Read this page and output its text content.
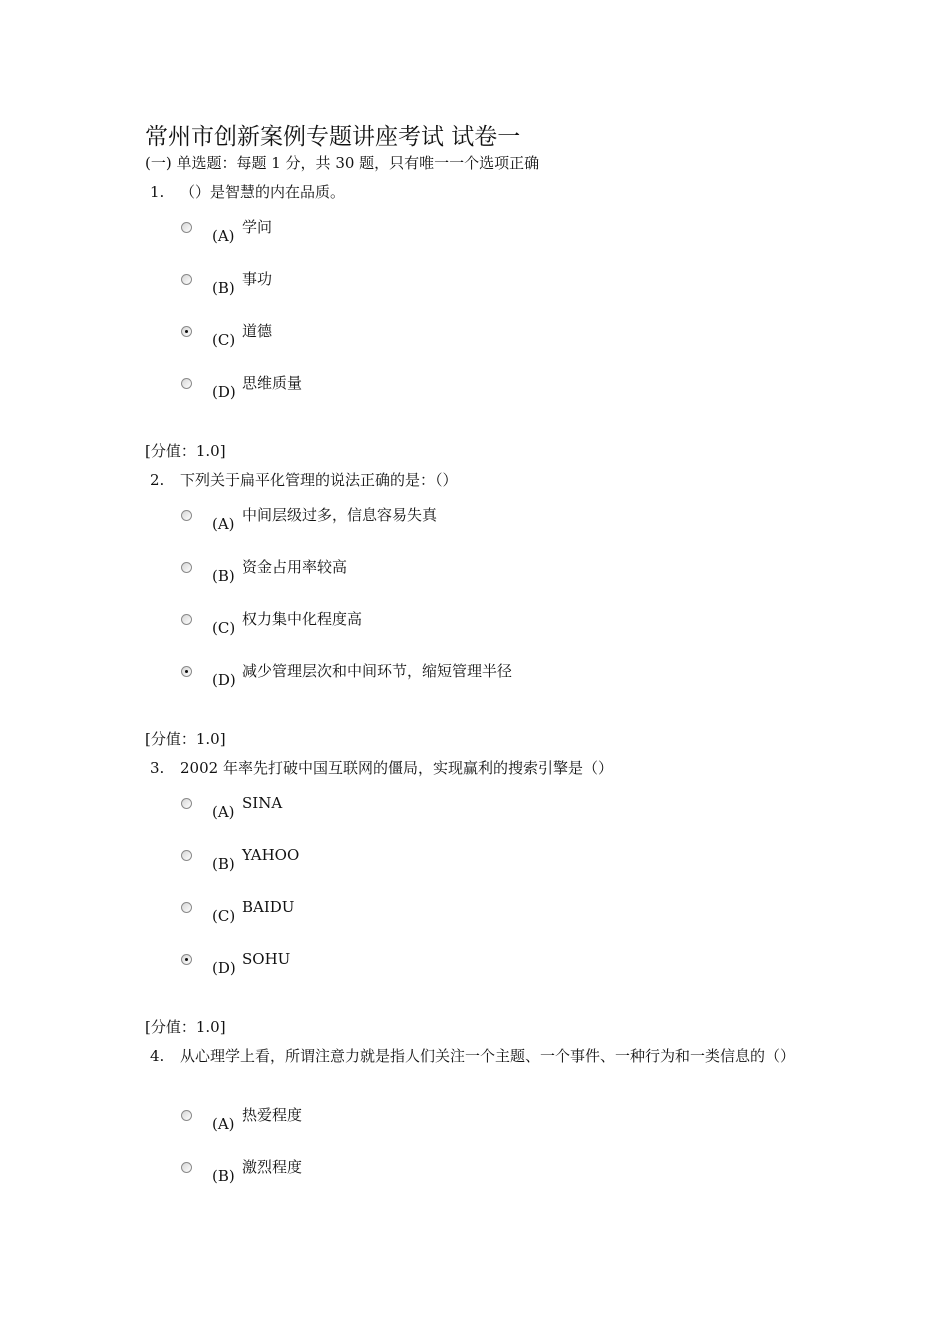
常州市创新案例专题讲座考试 试卷一
(一) 单选题：每题 1 分，共 30 题，只有唯一一个选项正确
1.	（）是智慧的内在品质。
(A) 学问
(B) 事功
(C) 道德
(D) 思维质量
[分值：1.0]
2.	下列关于扁平化管理的说法正确的是：（）
(A) 中间层级过多，信息容易失真
(B) 资金占用率较高
(C) 权力集中化程度高
(D) 减少管理层次和中间环节，缩短管理半径
[分值：1.0]
3.	2002 年率先打破中国互联网的僵局，实现赢利的搜索引擎是（）
(A) SINA
(B) YAHOO
(C) BAIDU
(D) SOHU
[分值：1.0]
4.	从心理学上看，所谓注意力就是指人们关注一个主题、一个事件、一种行为和一类信息的（）
(A) 热爱程度
(B) 激烈程度
